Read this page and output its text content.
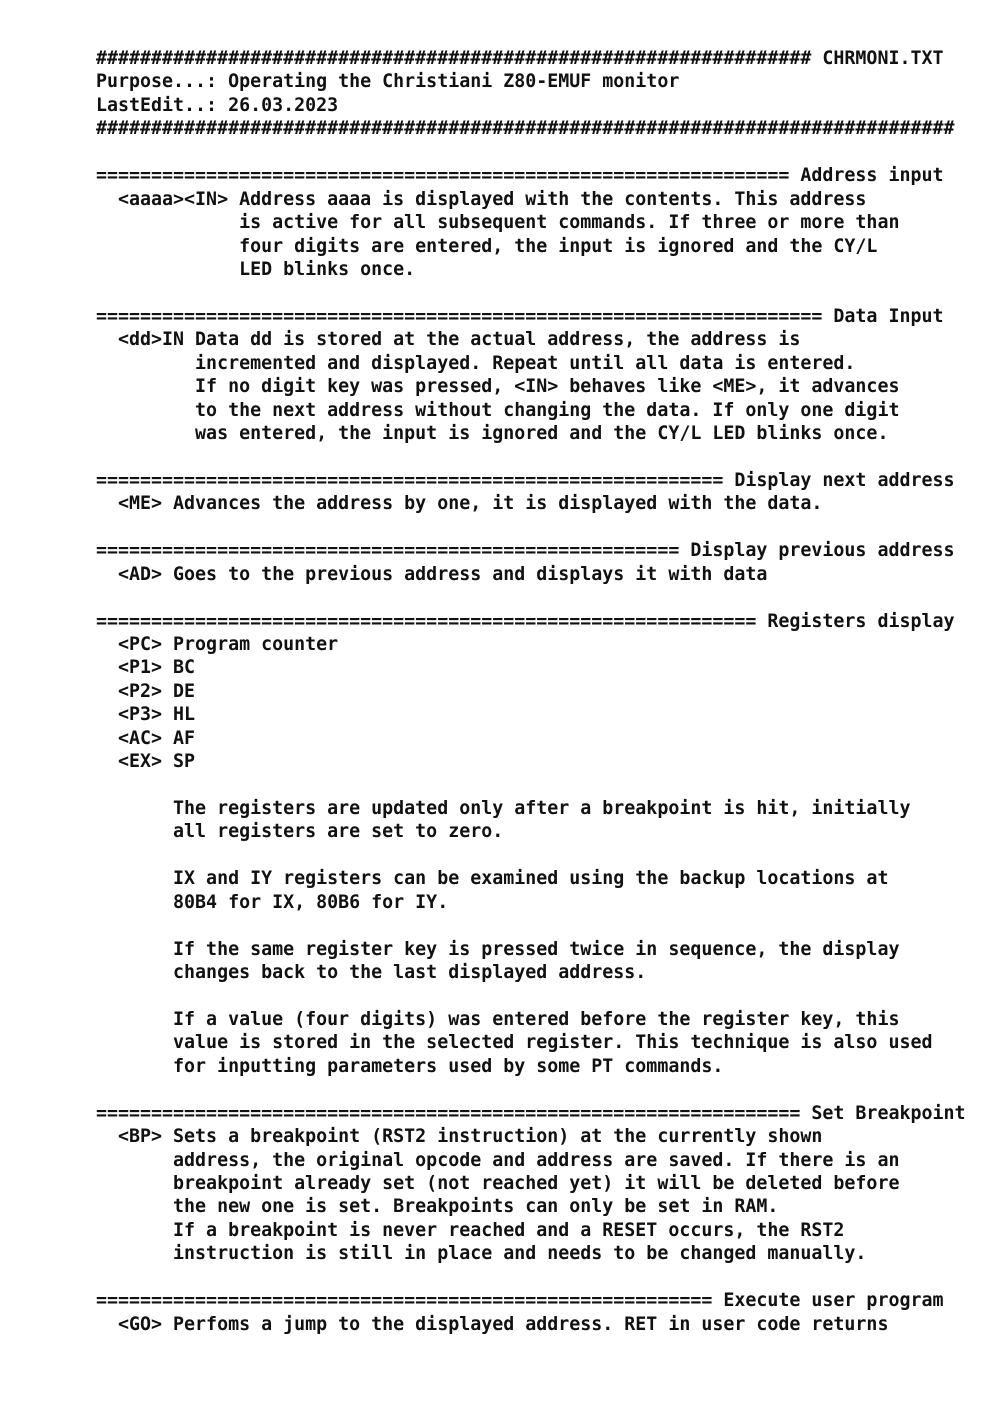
################################################################# CHRMONI.TXT
Purpose...: Operating the Christiani Z80-EMUF monitor
LastEdit..: 26.03.2023
##############################################################################
=============================================================== Address input
<aaaa><IN> Address aaaa is displayed with the contents. This address
is active for all subsequent commands. If three or more than
four digits are entered, the input is ignored and the CY/L
LED blinks once.
================================================================== Data Input
<dd>IN Data dd is stored at the actual address, the address is
incremented and displayed. Repeat until all data is entered.
If no digit key was pressed, <IN> behaves like <ME>, it advances
to the next address without changing the data. If only one digit
was entered, the input is ignored and the CY/L LED blinks once.
========================================================= Display next address
<ME> Advances the address by one, it is displayed with the data.
===================================================== Display previous address
<AD> Goes to the previous address and displays it with data
============================================================ Registers display
<PC> Program counter
<P1> BC
<P2> DE
<P3> HL
<AC> AF
<EX> SP
The registers are updated only after a breakpoint is hit, initially
all registers are set to zero.
IX and IY registers can be examined using the backup locations at
80B4 for IX, 80B6 for IY.
If the same register key is pressed twice in sequence, the display
changes back to the last displayed address.
If a value (four digits) was entered before the register key, this
value is stored in the selected register. This technique is also used
for inputting parameters used by some PT commands.
================================================================ Set Breakpoint
<BP> Sets a breakpoint (RST2 instruction) at the currently shown
address, the original opcode and address are saved. If there is an
breakpoint already set (not reached yet) it will be deleted before
the new one is set. Breakpoints can only be set in RAM.
If a breakpoint is never reached and a RESET occurs, the RST2
instruction is still in place and needs to be changed manually.
======================================================== Execute user program
<GO> Perfoms a jump to the displayed address. RET in user code returns
